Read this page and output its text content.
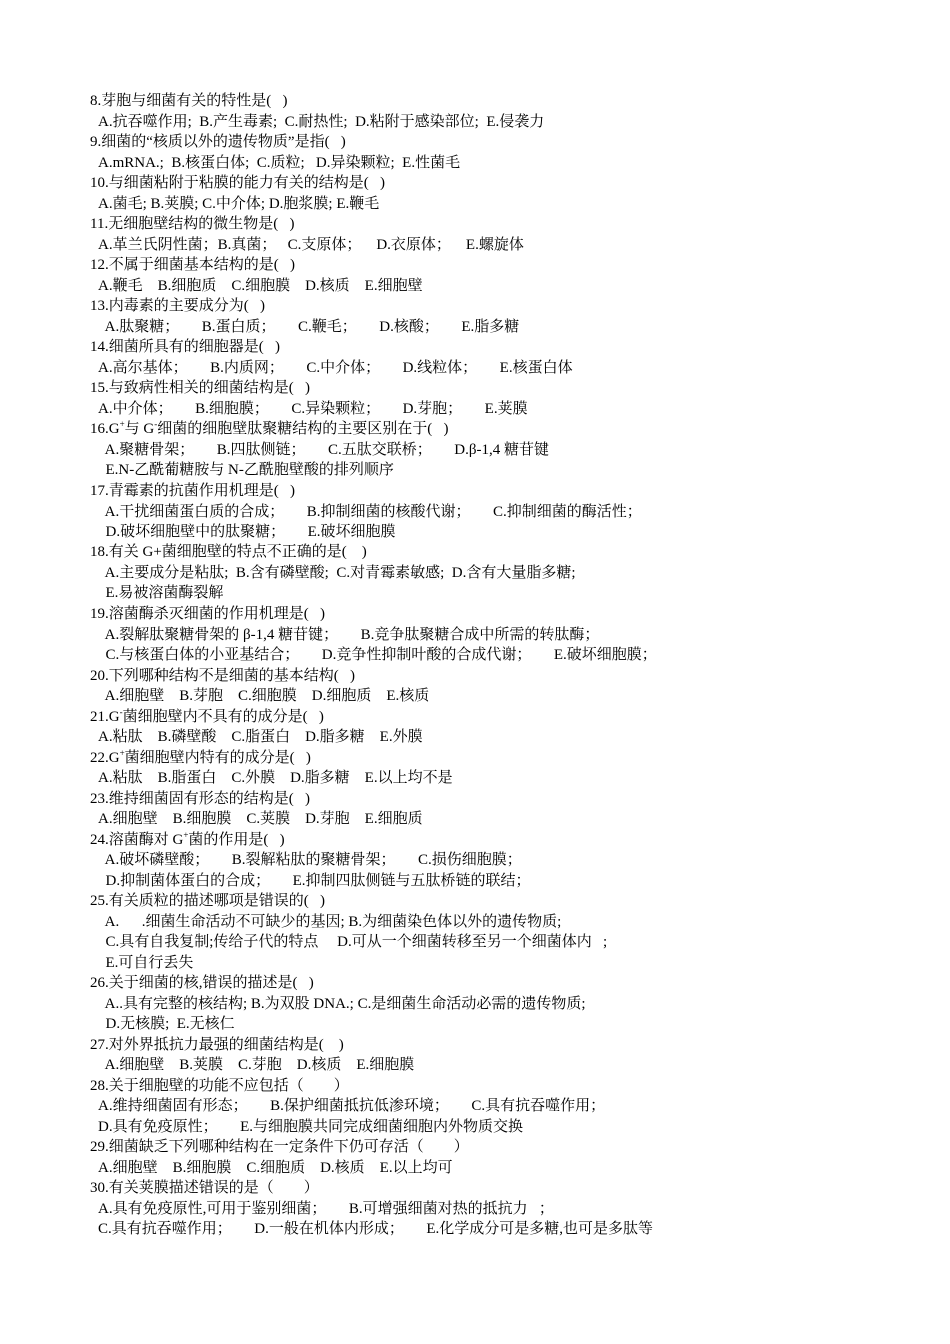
8.芽胞与细菌有关的特性是(   )
A.抗吞噬作用;  B.产生毒素;  C.耐热性;  D.粘附于感染部位;  E.侵袭力
9.细菌的“核质以外的遗传物质”是指(   )
A.mRNA.;  B.核蛋白体;  C.质粒;   D.异染颗粒;  E.性菌毛
10.与细菌粘附于粘膜的能力有关的结构是(   )
A.菌毛; B.荚膜; C.中介体; D.胞浆膜; E.鞭毛
11.无细胞壁结构的微生物是(   )
A.革兰氏阴性菌；B.真菌；   C.支原体；    D.衣原体；    E.螺旋体
12.不属于细菌基本结构的是(   )
A.鞭毛    B.细胞质    C.细胞膜    D.核质    E.细胞壁
13.内毒素的主要成分为(   )
A.肽聚糖；      B.蛋白质；      C.鞭毛；      D.核酸；      E.脂多糖
14.细菌所具有的细胞器是(   )
A.高尔基体；      B.内质网；      C.中介体；      D.线粒体；      E.核蛋白体
15.与致病性相关的细菌结构是(   )
A.中介体；      B.细胞膜；      C.异染颗粒；      D.芽胞；      E.荚膜
16.G+与 G-细菌的细胞壁肽聚糖结构的主要区别在于(   )
A.聚糖骨架；      B.四肽侧链；      C.五肽交联桥；      D.β-1,4 糖苷键
E.N-乙酰葡糖胺与 N-乙酰胞壁酸的排列顺序
17.青霉素的抗菌作用机理是(   )
A.干扰细菌蛋白质的合成；      B.抑制细菌的核酸代谢；      C.抑制细菌的酶活性；
D.破坏细胞壁中的肽聚糖；      E.破坏细胞膜
18.有关 G+菌细胞壁的特点不正确的是(    )
A.主要成分是粘肽;  B.含有磷壁酸;  C.对青霉素敏感;  D.含有大量脂多糖;
E.易被溶菌酶裂解
19.溶菌酶杀灭细菌的作用机理是(   )
A.裂解肽聚糖骨架的 β-1,4 糖苷键；      B.竞争肽聚糖合成中所需的转肽酶；
C.与核蛋白体的小亚基结合；      D.竞争性抑制叶酸的合成代谢；      E.破坏细胞膜；
20.下列哪种结构不是细菌的基本结构(   )
A.细胞壁    B.芽胞    C.细胞膜    D.细胞质    E.核质
21.G-菌细胞壁内不具有的成分是(   )
A.粘肽    B.磷壁酸    C.脂蛋白    D.脂多糖    E.外膜
22.G+菌细胞壁内特有的成分是(   )
A.粘肽    B.脂蛋白    C.外膜    D.脂多糖    E.以上均不是
23.维持细菌固有形态的结构是(   )
A.细胞壁    B.细胞膜    C.荚膜    D.芽胞    E.细胞质
24.溶菌酶对 G+菌的作用是(   )
A.破坏磷壁酸；      B.裂解粘肽的聚糖骨架；      C.损伤细胞膜；
D.抑制菌体蛋白的合成；      E.抑制四肽侧链与五肽桥链的联结；
25.有关质粒的描述哪项是错误的(   )
A.      .细菌生命活动不可缺少的基因; B.为细菌染色体以外的遗传物质;
C.具有自我复制;传给子代的特点     D.可从一个细菌转移至另一个细菌体内   ;
E.可自行丢失
26.关于细菌的核,错误的描述是(   )
A..具有完整的核结构; B.为双股 DNA.; C.是细菌生命活动必需的遗传物质;
D.无核膜;  E.无核仁
27.对外界抵抗力最强的细菌结构是(    )
A.细胞壁    B.荚膜    C.芽胞    D.核质    E.细胞膜
28.关于细胞壁的功能不应包括（        ）
A.维持细菌固有形态；      B.保护细菌抵抗低渗环境；      C.具有抗吞噬作用；
D.具有免疫原性；      E.与细胞膜共同完成细菌细胞内外物质交换
29.细菌缺乏下列哪种结构在一定条件下仍可存活（        ）
A.细胞壁    B.细胞膜    C.细胞质    D.核质    E.以上均可
30.有关荚膜描述错误的是（        ）
A.具有免疫原性,可用于鉴别细菌；      B.可增强细菌对热的抵抗力   ；
C.具有抗吞噬作用；      D.一般在机体内形成；      E.化学成分可是多糖,也可是多肽等
